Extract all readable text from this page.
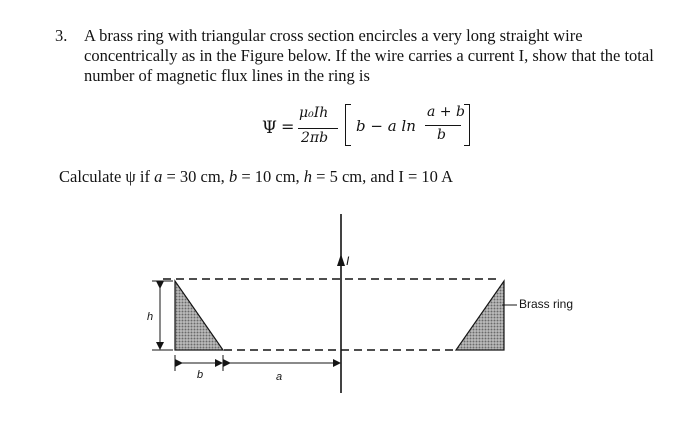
3.	A brass ring with triangular cross section encircles a very long straight wire
concentrically as in the Figure below. If the wire carries a current I, show that the total
number of magnetic flux lines in the ring is
Ψ =
μ₀Ih
2πb
b − a ln
a + b
b
Calculate ψ if a = 30 cm, b = 10 cm, h = 5 cm, and I = 10 A
I
h
b	a
Brass ring
